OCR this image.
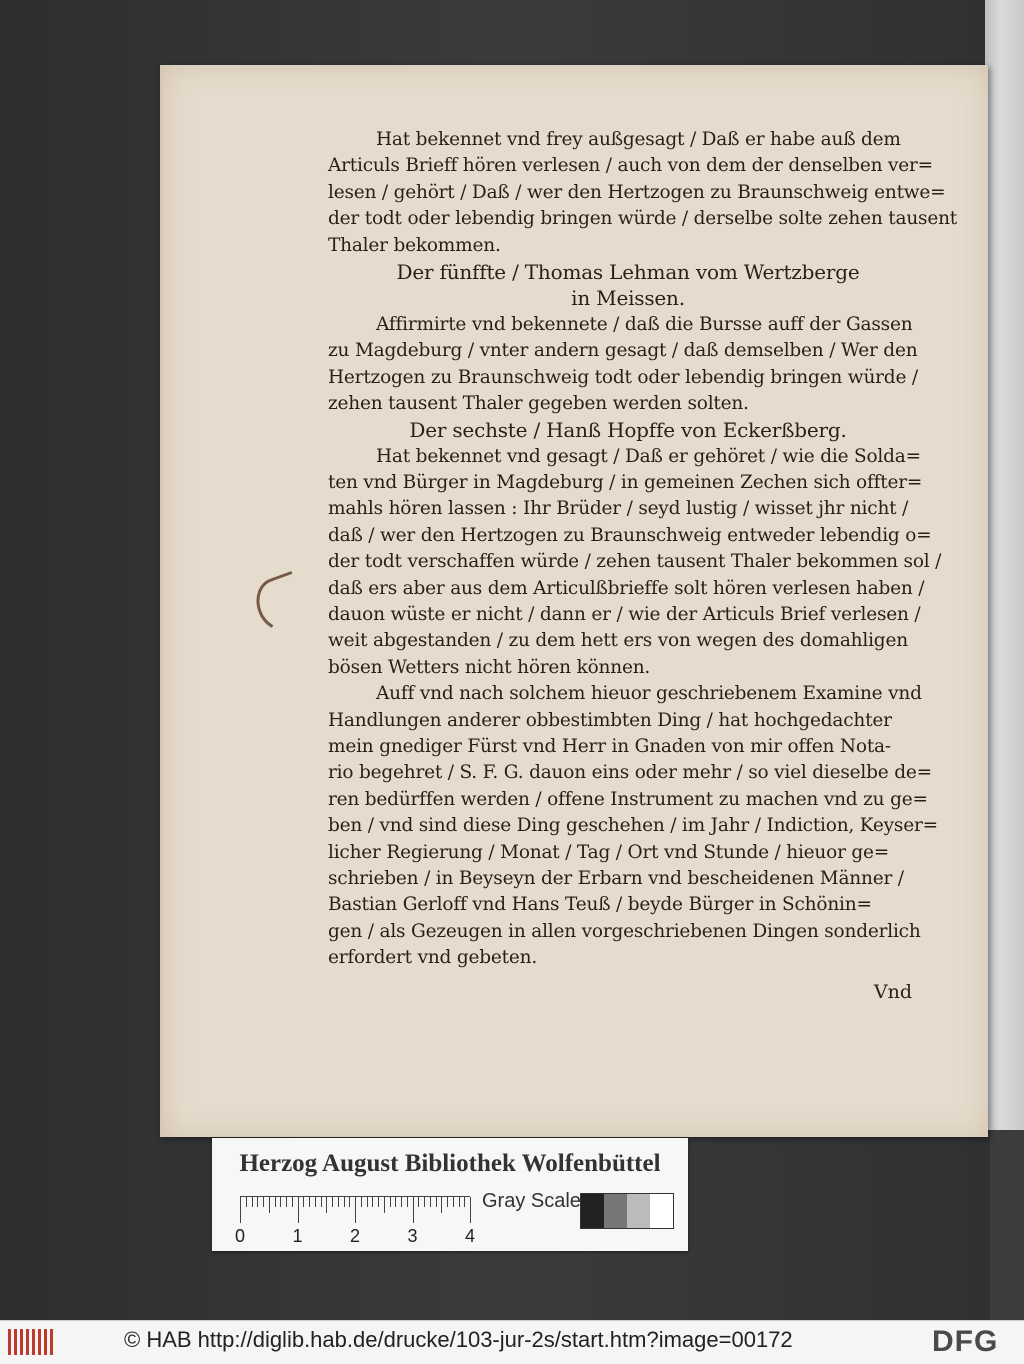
Hat bekennet vnd frey außgesagt / Daß er habe auß dem
Articuls Brieff hören verlesen / auch von dem der denselben ver=
lesen / gehört / Daß / wer den Hertzogen zu Braunschweig entwe=
der todt oder lebendig bringen würde / derselbe solte zehen tausent
Thaler bekommen.
Der fünffte / Thomas Lehman vom Wertzberge
in Meissen.
Affirmirte vnd bekennete / daß die Bursse auff der Gassen
zu Magdeburg / vnter andern gesagt / daß demselben / Wer den
Hertzogen zu Braunschweig todt oder lebendig bringen würde /
zehen tausent Thaler gegeben werden solten.
Der sechste / Hanß Hopffe von Eckerßberg.
Hat bekennet vnd gesagt / Daß er gehöret / wie die Solda=
ten vnd Bürger in Magdeburg / in gemeinen Zechen sich offter=
mahls hören lassen : Ihr Brüder / seyd lustig / wisset jhr nicht /
daß / wer den Hertzogen zu Braunschweig entweder lebendig o=
der todt verschaffen würde / zehen tausent Thaler bekommen sol /
daß ers aber aus dem Articulßbrieffe solt hören verlesen haben /
dauon wüste er nicht / dann er / wie der Articuls Brief verlesen /
weit abgestanden / zu dem hett ers von wegen des domahligen
bösen Wetters nicht hören können.
Auff vnd nach solchem hieuor geschriebenem Examine vnd
Handlungen anderer obbestimbten Ding / hat hochgedachter
mein gnediger Fürst vnd Herr in Gnaden von mir offen Nota-
rio begehret / S. F. G. dauon eins oder mehr / so viel dieselbe de=
ren bedürffen werden / offene Instrument zu machen vnd zu ge=
ben / vnd sind diese Ding geschehen / im Jahr / Indiction, Keyser=
licher Regierung / Monat / Tag / Ort vnd Stunde / hieuor ge=
schrieben / in Beyseyn der Erbarn vnd bescheidenen Männer /
Bastian Gerloff vnd Hans Teuß / beyde Bürger in Schönin=
gen / als Gezeugen in allen vorgeschriebenen Dingen sonderlich
erfordert vnd gebeten.
Vnd
Herzog August Bibliothek Wolfenbüttel
Gray Scale
0	1	2	3	4
© HAB http://diglib.hab.de/drucke/103-jur-2s/start.htm?image=00172	DFG
